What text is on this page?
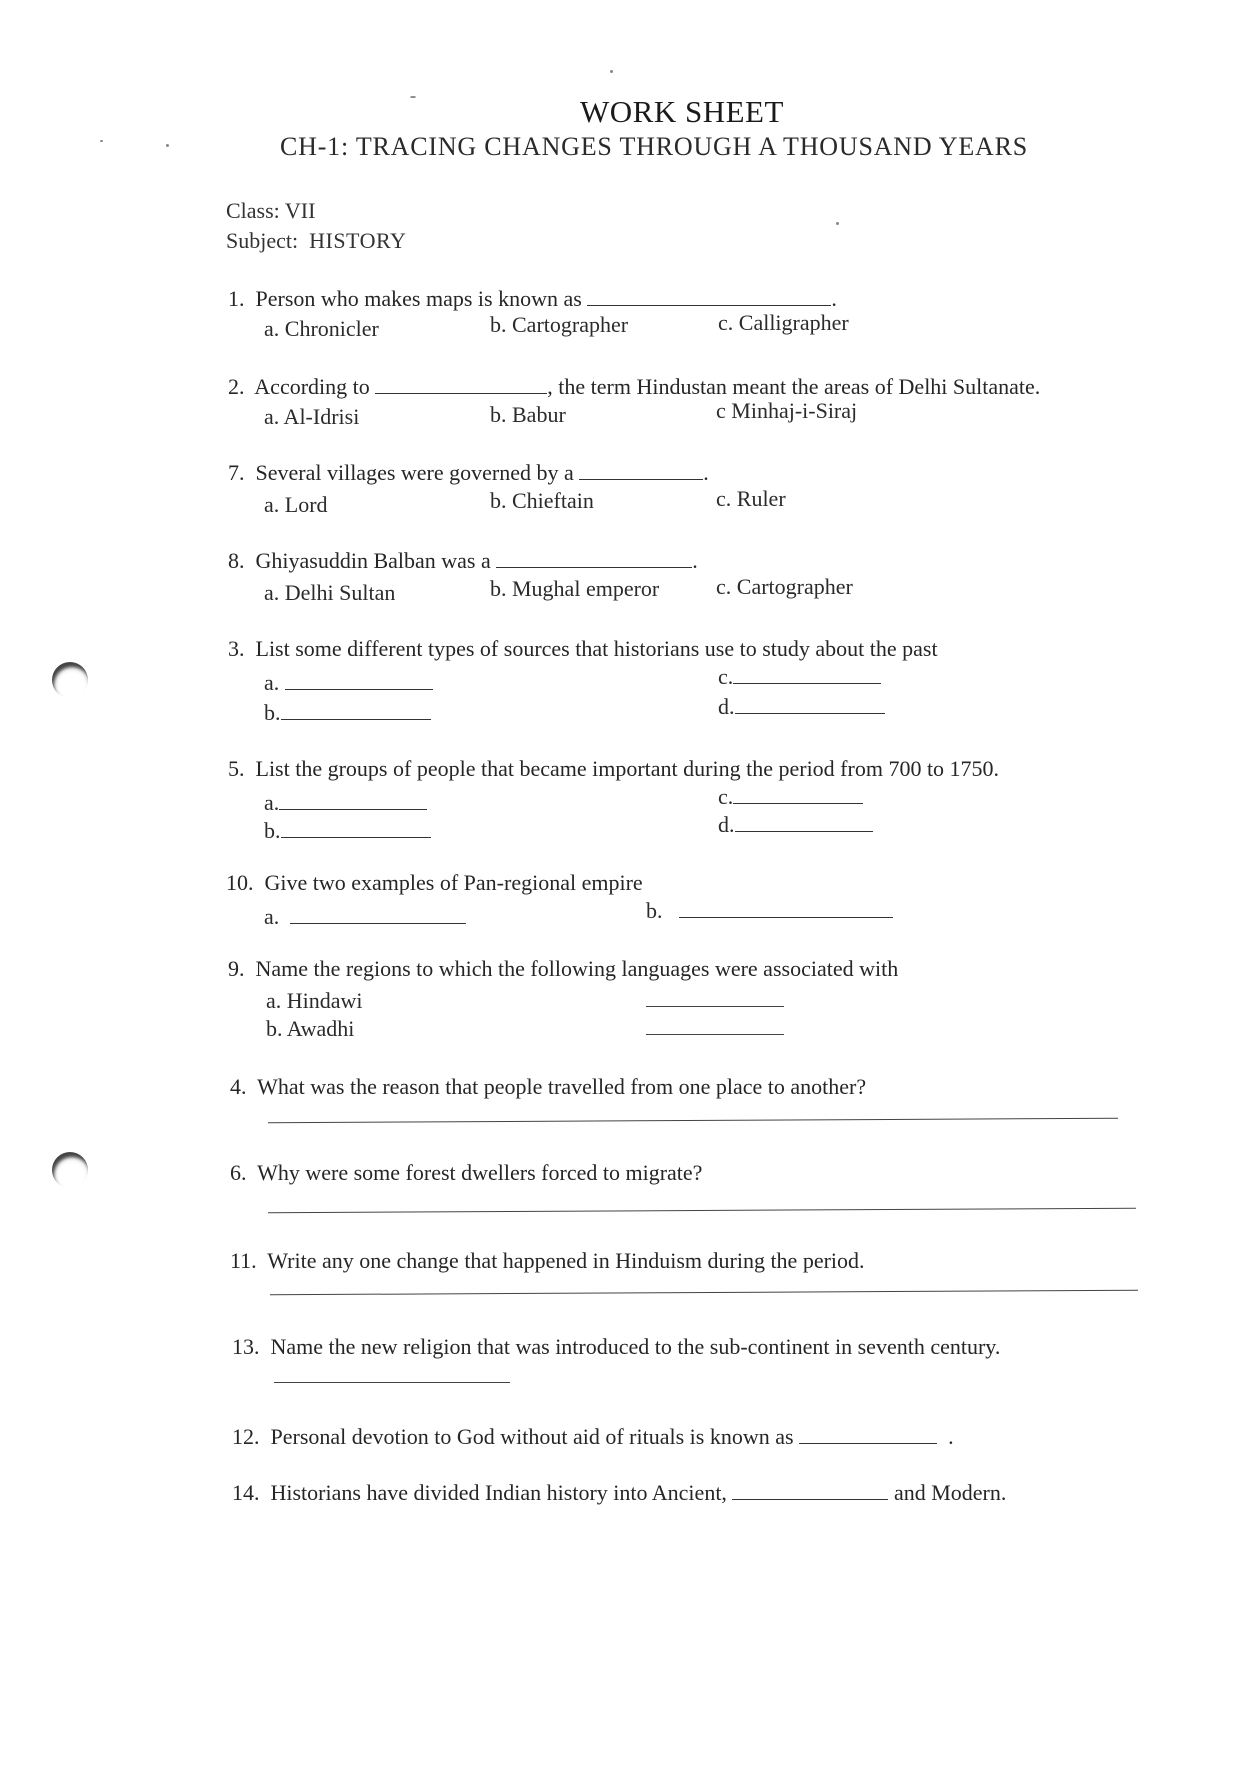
WORK SHEET
CH-1: TRACING CHANGES THROUGH A THOUSAND YEARS
Class: VII
Subject: HISTORY
1. Person who makes maps is known as	.
a. Chronicler	b. Cartographer	c. Calligrapher
2. According to	, the term Hindustan meant the areas of Delhi Sultanate.
a. Al-Idrisi	b. Babur	c Minhaj-i-Siraj
7. Several villages were governed by a	.
a. Lord	b. Chieftain	c. Ruler
8. Ghiyasuddin Balban was a	.
a. Delhi Sultan	b. Mughal emperor	c. Cartographer
3. List some different types of sources that historians use to study about the past
a.
b.
c.
d.
5. List the groups of people that became important during the period from 700 to 1750.
a.
b.
c.
d.
10. Give two examples of Pan-regional empire
a.	b.
9. Name the regions to which the following languages were associated with
a. Hindawi
b. Awadhi
4. What was the reason that people travelled from one place to another?
6. Why were some forest dwellers forced to migrate?
11. Write any one change that happened in Hinduism during the period.
13. Name the new religion that was introduced to the sub-continent in seventh century.
12. Personal devotion to God without aid of rituals is known as	.
14. Historians have divided Indian history into Ancient,	and Modern.
